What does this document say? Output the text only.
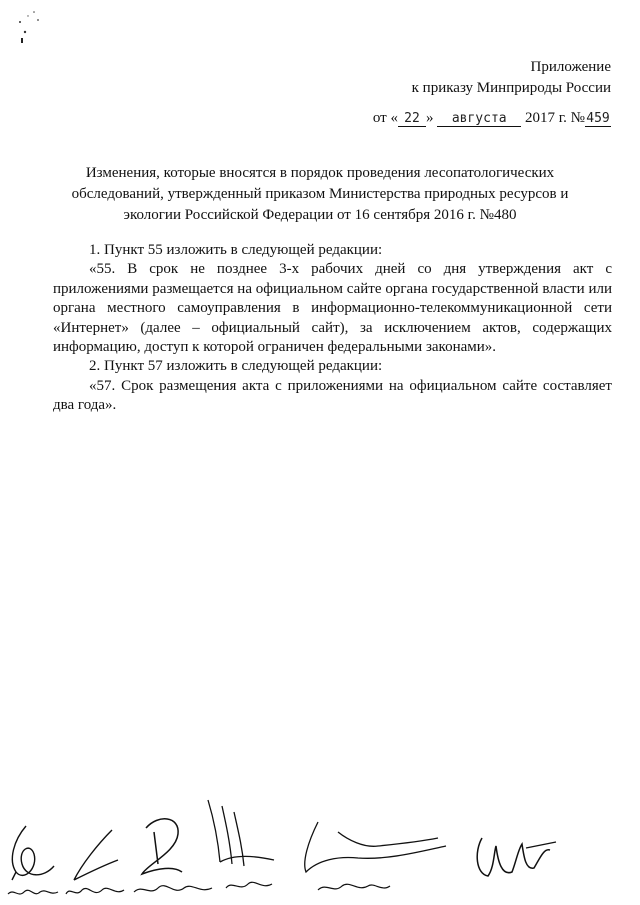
Приложение
к приказу Минприроды России
от « 22 » августа 2017 г. №459
Изменения, которые вносятся в порядок проведения лесопатологических обследований, утвержденный приказом Министерства природных ресурсов и экологии Российской Федерации от 16 сентября 2016 г. №480

1. Пункт 55 изложить в следующей редакции:

«55. В срок не позднее 3-х рабочих дней со дня утверждения акт с приложениями размещается на официальном сайте органа государственной власти или органа местного самоуправления в информационно-телекоммуникационной сети «Интернет» (далее – официальный сайт), за исключением актов, содержащих информацию, доступ к которой ограничен федеральными законами».

2. Пункт 57 изложить в следующей редакции:

«57. Срок размещения акта с приложениями на официальном сайте составляет два года».
